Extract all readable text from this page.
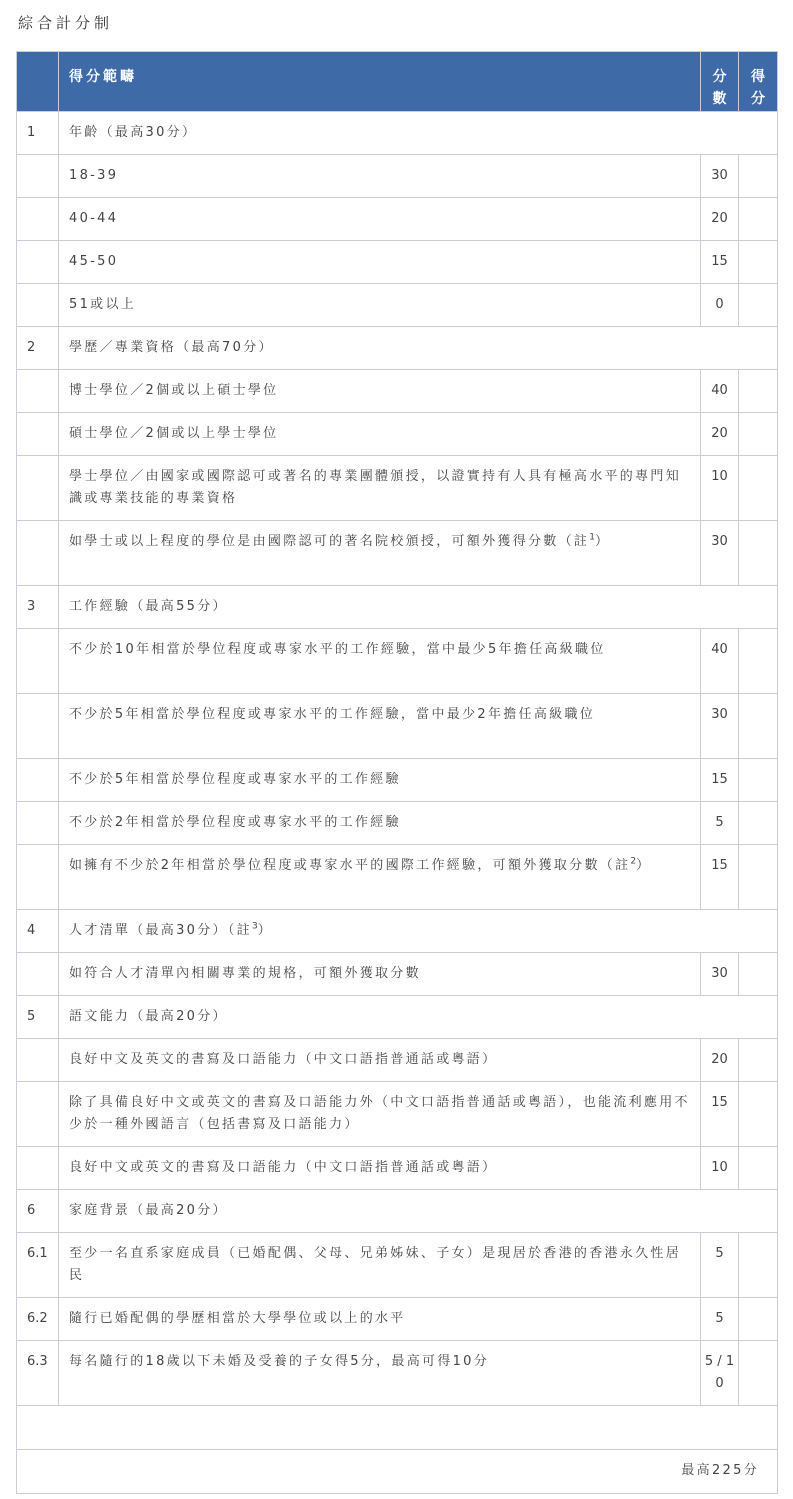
綜合計分制
	得分範疇	分數	得分
1	年齡（最高30分）		
	18-39	30	
	40-44	20	
	45-50	15	
	51或以上	0	
2	學歷／專業資格（最高70分）		
	博士學位／2個或以上碩士學位	40	
	碩士學位／2個或以上學士學位	20	
	學士學位／由國家或國際認可或著名的專業團體頒授，以證實持有人具有極高水平的專門知識或專業技能的專業資格	10	
	如學士或以上程度的學位是由國際認可的著名院校頒授，可額外獲得分數（註$^1$）	30	
3	工作經驗（最高55分）		
	不少於10年相當於學位程度或專家水平的工作經驗，當中最少5年擔任高級職位	40	
	不少於5年相當於學位程度或專家水平的工作經驗，當中最少2年擔任高級職位	30	
	不少於5年相當於學位程度或專家水平的工作經驗	15	
	不少於2年相當於學位程度或專家水平的工作經驗	5	
	如擁有不少於2年相當於學位程度或專家水平的國際工作經驗，可額外獲取分數（註$^2$）	15	
4	人才清單（最高30分）（註$^3$）		
	如符合人才清單內相關專業的規格，可額外獲取分數	30	
5	語文能力（最高20分）		
	良好中文及英文的書寫及口語能力（中文口語指普通話或粵語）	20	
	除了具備良好中文或英文的書寫及口語能力外（中文口語指普通話或粵語），也能流利應用不少於一種外國語言（包括書寫及口語能力）	15	
	良好中文或英文的書寫及口語能力（中文口語指普通話或粵語）	10	
6	家庭背景（最高20分）		
6.1	至少一名直系家庭成員（已婚配偶、父母、兄弟姊妹、子女）是現居於香港的香港永久性居民	5	
6.2	隨行已婚配偶的學歷相當於大學學位或以上的水平	5	
6.3	每名隨行的18歲以下未婚及受養的子女得5分，最高可得10分	5 / 10	

最高225分			
